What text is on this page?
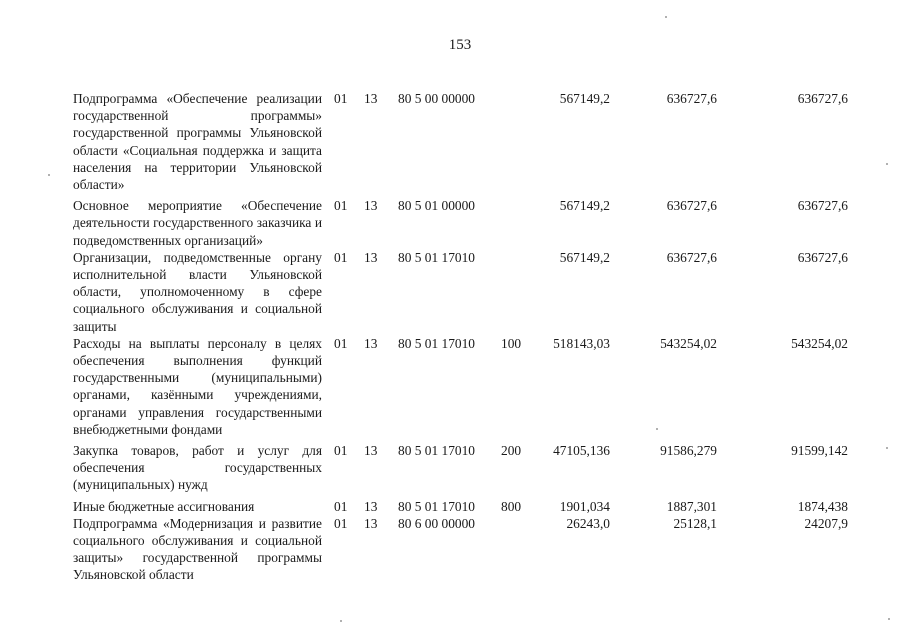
153
Подпрограмма «Обеспечение реализации государственной программы» государственной программы Ульяновской области «Социальная поддержка и защита населения на территории Ульяновской области»	01	13	80 5 00 00000		567149,2	636727,6	636727,6
Основное мероприятие «Обеспечение деятельности государственного заказчика и подведомственных организаций»	01	13	80 5 01 00000		567149,2	636727,6	636727,6
Организации, подведомственные органу исполнительной власти Ульяновской области, уполномоченному в сфере социального обслуживания и социальной защиты	01	13	80 5 01 17010		567149,2	636727,6	636727,6
Расходы на выплаты персоналу в целях обеспечения выполнения функций государственными (муниципальными) органами, казёнными учреждениями, органами управления государственными внебюджетными фондами	01	13	80 5 01 17010	100	518143,03	543254,02	543254,02
Закупка товаров, работ и услуг для обеспечения государственных (муниципальных) нужд	01	13	80 5 01 17010	200	47105,136	91586,279	91599,142
Иные бюджетные ассигнования	01	13	80 5 01 17010	800	1901,034	1887,301	1874,438
Подпрограмма «Модернизация и развитие социального обслуживания и социальной защиты» государственной программы Ульяновской области	01	13	80 6 00 00000		26243,0	25128,1	24207,9
